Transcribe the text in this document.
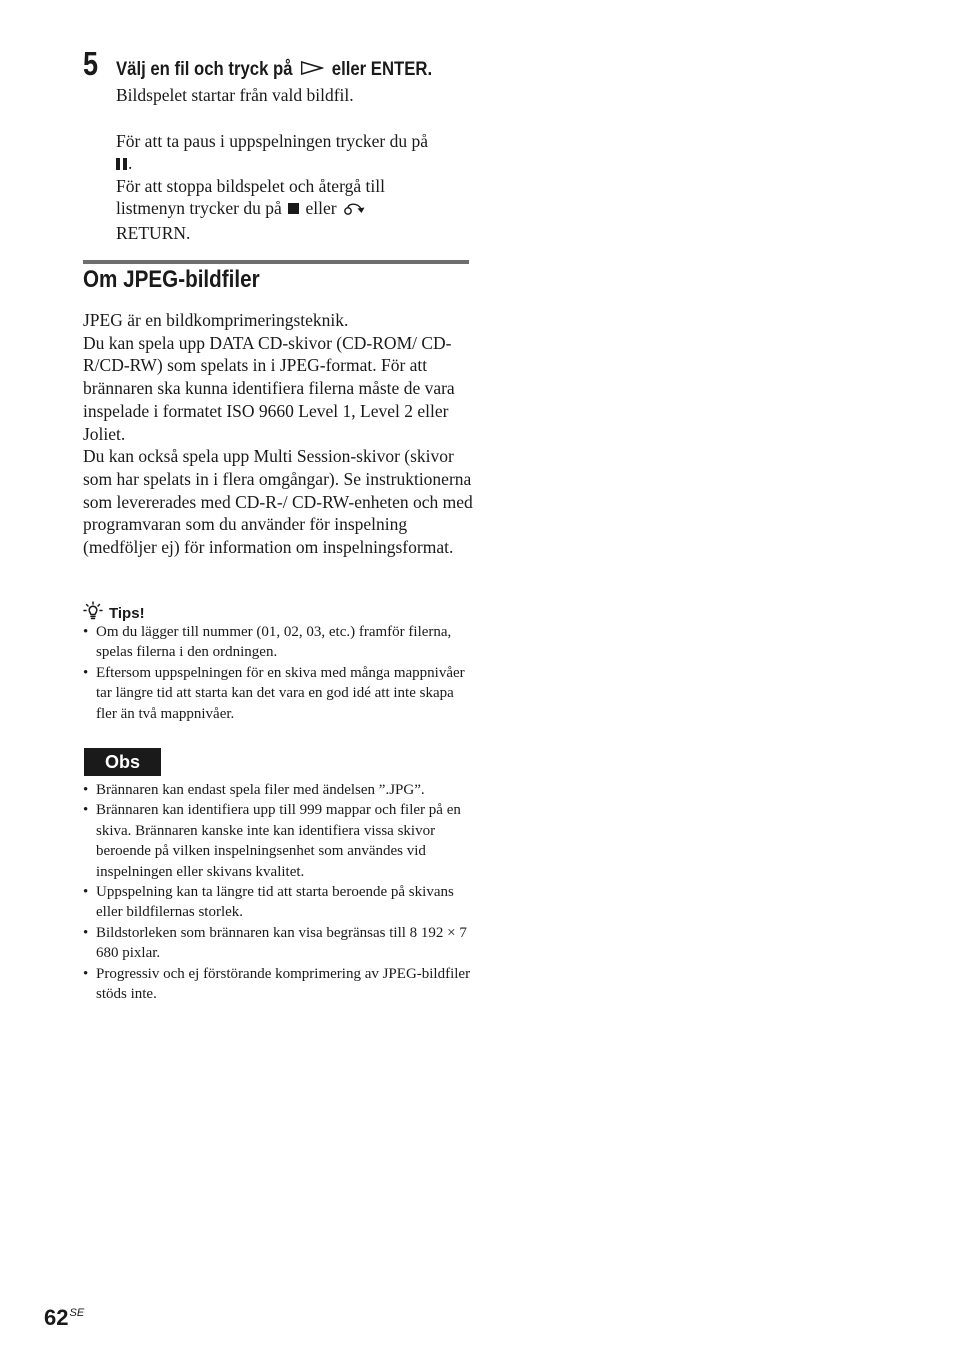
5 Välj en fil och tryck på eller ENTER.

Bildspelet startar från vald bildfil.

För att ta paus i uppspelningen trycker du på
.

För att stoppa bildspelet och återgå till
listmenyn trycker du på eller
RETURN.

Om JPEG-bildfiler

JPEG är en bildkomprimeringsteknik.

Du kan spela upp DATA CD-skivor (CD-ROM/ CD-R/CD-RW) som spelats in i JPEG-format. För att brännaren ska kunna identifiera filerna måste de vara inspelade i formatet ISO 9660 Level 1, Level 2 eller Joliet.

Du kan också spela upp Multi Session-skivor (skivor som har spelats in i flera omgångar). Se instruktionerna som levererades med CD-R-/ CD-RW-enheten och med programvaran som du använder för inspelning (medföljer ej) för information om inspelningsformat.

Tips!
• Om du lägger till nummer (01, 02, 03, etc.) framför filerna, spelas filerna i den ordningen.
• Eftersom uppspelningen för en skiva med många mappnivåer tar längre tid att starta kan det vara en god idé att inte skapa fler än två mappnivåer.
Obs
• Brännaren kan endast spela filer med ändelsen ”.JPG”.
• Brännaren kan identifiera upp till 999 mappar och filer på en skiva. Brännaren kanske inte kan identifiera vissa skivor beroende på vilken inspelningsenhet som användes vid inspelningen eller skivans kvalitet.
• Uppspelning kan ta längre tid att starta beroende på skivans eller bildfilernas storlek.
• Bildstorleken som brännaren kan visa begränsas till 8 192 × 7 680 pixlar.
• Progressiv och ej förstörande komprimering av JPEG-bildfiler stöds inte.
$62^{SE}$
